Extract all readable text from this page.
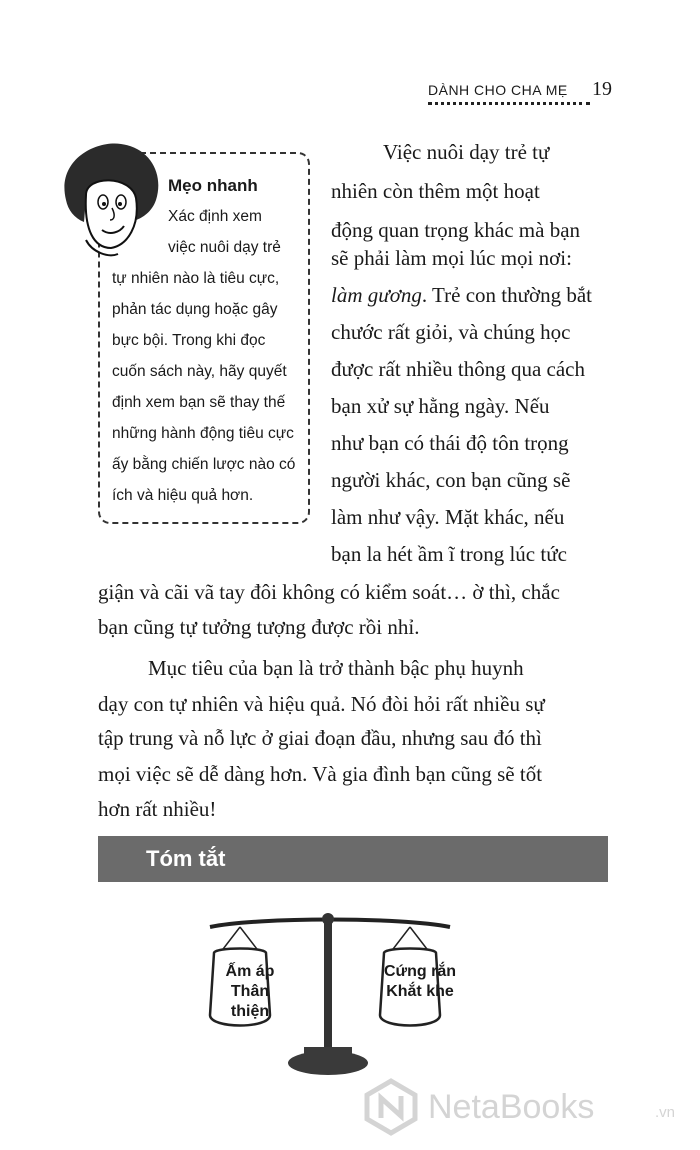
DÀNH CHO CHA MẸ 19
Mẹo nhanh
Xác định xem
việc nuôi dạy trẻ
tự nhiên nào là tiêu cực,
phản tác dụng hoặc gây
bực bội. Trong khi đọc
cuốn sách này, hãy quyết
định xem bạn sẽ thay thế
những hành động tiêu cực
ấy bằng chiến lược nào có
ích và hiệu quả hơn.
Việc nuôi dạy trẻ tự
nhiên còn thêm một hoạt
động quan trọng khác mà bạn
sẽ phải làm mọi lúc mọi nơi:
làm gương. Trẻ con thường bắt
chước rất giỏi, và chúng học
được rất nhiều thông qua cách
bạn xử sự hằng ngày. Nếu
như bạn có thái độ tôn trọng
người khác, con bạn cũng sẽ
làm như vậy. Mặt khác, nếu
bạn la hét ầm ĩ trong lúc tức
giận và cãi vã tay đôi không có kiểm soát… ờ thì, chắc
bạn cũng tự tưởng tượng được rồi nhỉ.
Mục tiêu của bạn là trở thành bậc phụ huynh
dạy con tự nhiên và hiệu quả. Nó đòi hỏi rất nhiều sự
tập trung và nỗ lực ở giai đoạn đầu, nhưng sau đó thì
mọi việc sẽ dễ dàng hơn. Và gia đình bạn cũng sẽ tốt
hơn rất nhiều!
Tóm tắt
Ấm áp
Thân thiện
Cứng rắn
Khắt khe
NetaBooks	.vn
